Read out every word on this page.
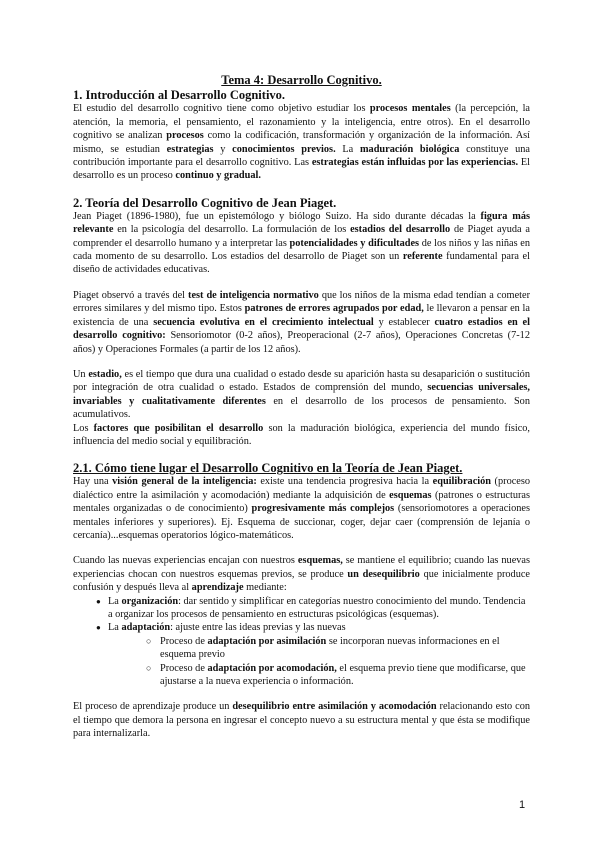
Tema 4: Desarrollo Cognitivo.
1. Introducción al Desarrollo Cognitivo.

El estudio del desarrollo cognitivo tiene como objetivo estudiar los procesos mentales (la percepción, la atención, la memoria, el pensamiento, el razonamiento y la inteligencia, entre otros). En el desarrollo cognitivo se analizan procesos como la codificación, transformación y organización de la información. Así mismo, se estudian estrategias y conocimientos previos. La maduración biológica constituye una contribución importante para el desarrollo cognitivo. Las estrategias están influidas por las experiencias. El desarrollo es un proceso continuo y gradual.

2. Teoría del Desarrollo Cognitivo de Jean Piaget.

Jean Piaget (1896-1980), fue un epistemólogo y biólogo Suizo. Ha sido durante décadas la figura más relevante en la psicología del desarrollo. La formulación de los estadios del desarrollo de Piaget ayuda a comprender el desarrollo humano y a interpretar las potencialidades y dificultades de los niños y las niñas en cada momento de su desarrollo. Los estadios del desarrollo de Piaget son un referente fundamental para el diseño de actividades educativas.

Piaget observó a través del test de inteligencia normativo que los niños de la misma edad tendían a cometer errores similares y del mismo tipo. Estos patrones de errores agrupados por edad, le llevaron a pensar en la existencia de una secuencia evolutiva en el crecimiento intelectual y establecer cuatro estadios en el desarrollo cognitivo: Sensoriomotor (0-2 años), Preoperacional (2-7 años), Operaciones Concretas (7-12 años) y Operaciones Formales (a partir de los 12 años).

Un estadio, es el tiempo que dura una cualidad o estado desde su aparición hasta su desaparición o sustitución por integración de otra cualidad o estado. Estados de comprensión del mundo, secuencias universales, invariables y cualitativamente diferentes en el desarrollo de los procesos de pensamiento. Son acumulativos.

Los factores que posibilitan el desarrollo son la maduración biológica, experiencia del mundo físico, influencia del medio social y equilibración.

2.1. Cómo tiene lugar el Desarrollo Cognitivo en la Teoría de Jean Piaget.

Hay una visión general de la inteligencia: existe una tendencia progresiva hacia la equilibración (proceso dialéctico entre la asimilación y acomodación) mediante la adquisición de esquemas (patrones o estructuras mentales organizadas o de conocimiento) progresivamente más complejos (sensoriomotores a operaciones mentales inferiores y superiores). Ej. Esquema de succionar, coger, dejar caer (comprensión de lejanía o cercanía)...esquemas operatorios lógico-matemáticos.

Cuando las nuevas experiencias encajan con nuestros esquemas, se mantiene el equilibrio; cuando las nuevas experiencias chocan con nuestros esquemas previos, se produce un desequilibrio que inicialmente produce confusión y después lleva al aprendizaje mediante:

● La organización: dar sentido y simplificar en categorías nuestro conocimiento del mundo. Tendencia a organizar los procesos de pensamiento en estructuras psicológicas (esquemas).
● La adaptación: ajuste entre las ideas previas y las nuevas
○ Proceso de adaptación por asimilación se incorporan nuevas informaciones en el esquema previo
○ Proceso de adaptación por acomodación, el esquema previo tiene que modificarse, que ajustarse a la nueva experiencia o información.

El proceso de aprendizaje produce un desequilibrio entre asimilación y acomodación relacionando esto con el tiempo que demora la persona en ingresar el concepto nuevo a su estructura mental y que ésta se modifique para internalizarla.

1
